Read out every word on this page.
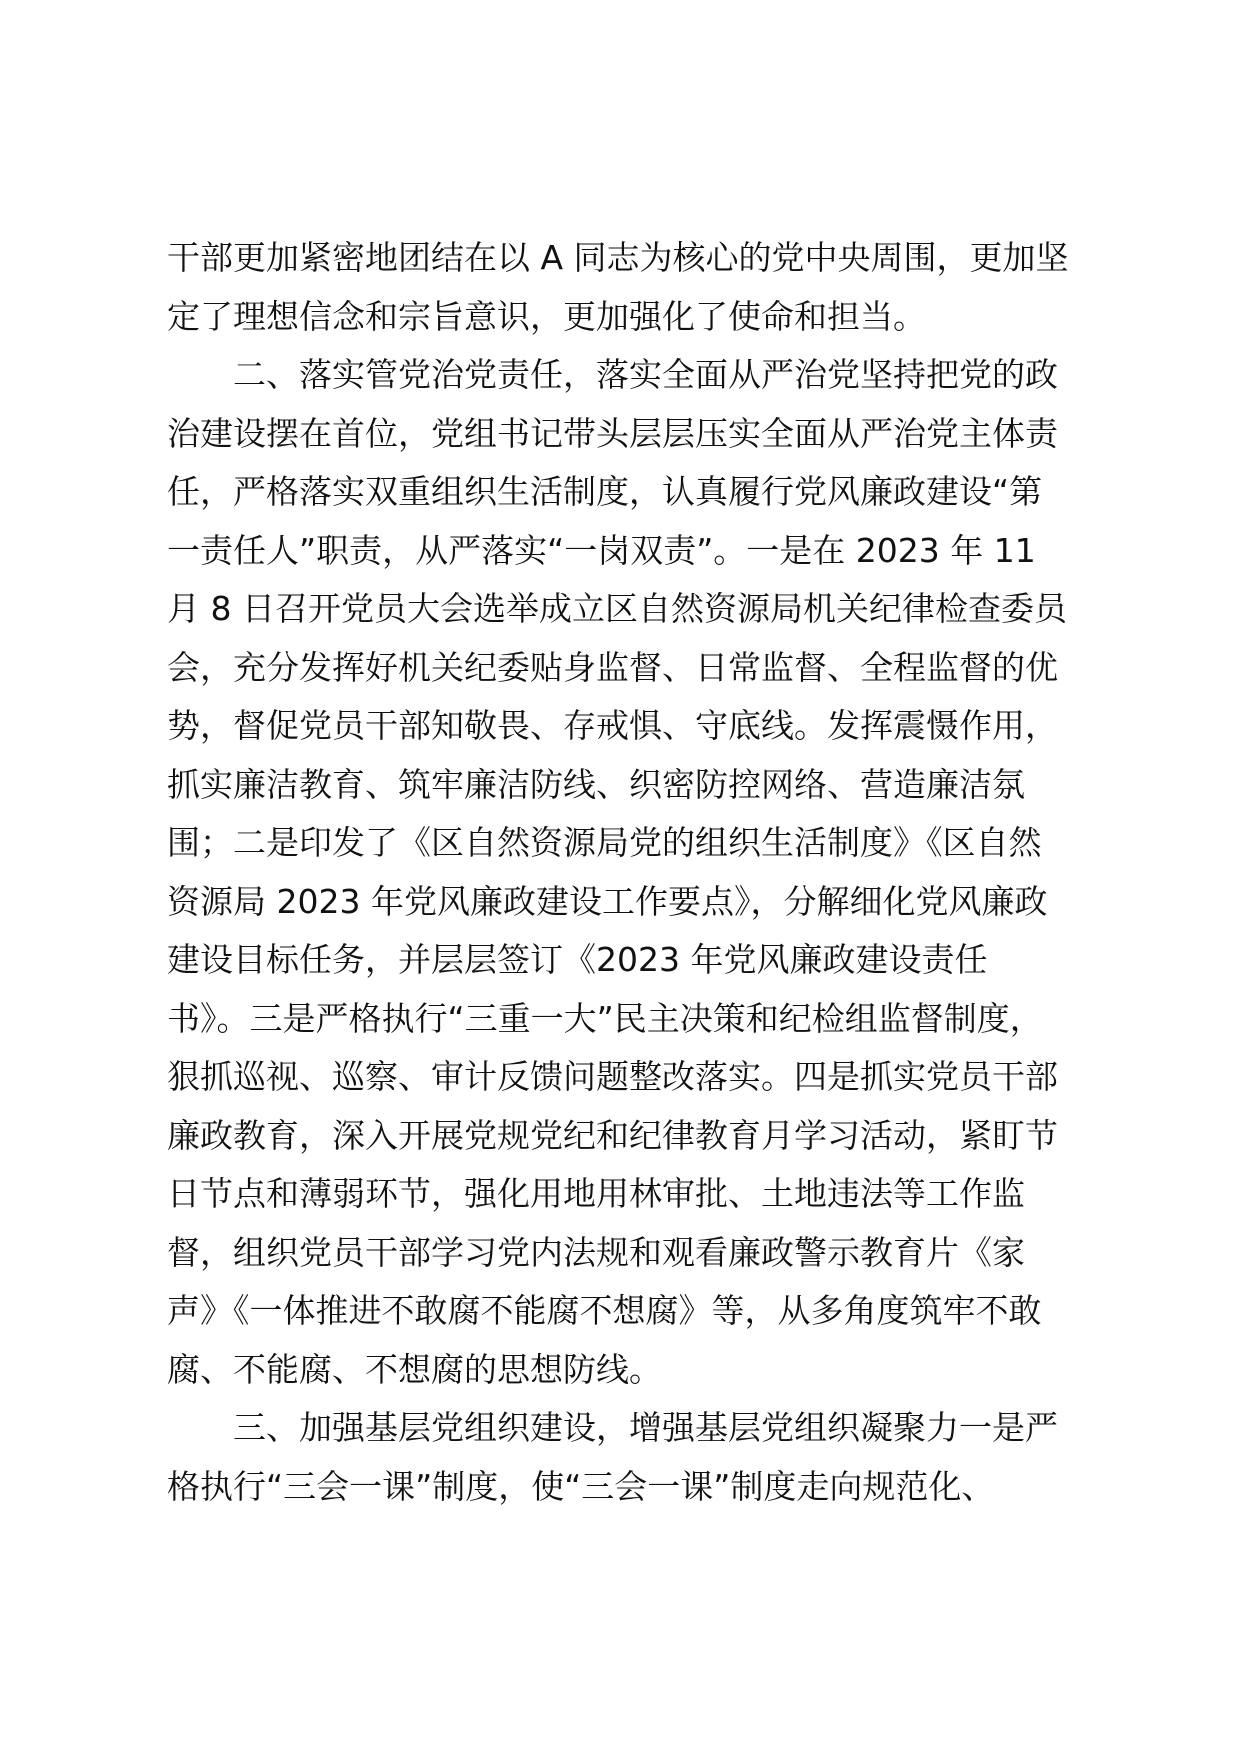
干部更加紧密地团结在以 A 同志为核心的党中央周围，更加坚
定了理想信念和宗旨意识，更加强化了使命和担当。
　　二、落实管党治党责任，落实全面从严治党坚持把党的政
治建设摆在首位，党组书记带头层层压实全面从严治党主体责
任，严格落实双重组织生活制度，认真履行党风廉政建设“第
一责任人”职责，从严落实“一岗双责”。一是在 2023 年 11
月 8 日召开党员大会选举成立区自然资源局机关纪律检查委员
会，充分发挥好机关纪委贴身监督、日常监督、全程监督的优
势，督促党员干部知敬畏、存戒惧、守底线。发挥震慑作用，
抓实廉洁教育、筑牢廉洁防线、织密防控网络、营造廉洁氛
围；二是印发了《区自然资源局党的组织生活制度》《区自然
资源局 2023 年党风廉政建设工作要点》，分解细化党风廉政
建设目标任务，并层层签订《2023 年党风廉政建设责任
书》。三是严格执行“三重一大”民主决策和纪检组监督制度，
狠抓巡视、巡察、审计反馈问题整改落实。四是抓实党员干部
廉政教育，深入开展党规党纪和纪律教育月学习活动，紧盯节
日节点和薄弱环节，强化用地用林审批、土地违法等工作监
督，组织党员干部学习党内法规和观看廉政警示教育片《家
声》《一体推进不敢腐不能腐不想腐》等，从多角度筑牢不敢
腐、不能腐、不想腐的思想防线。
　　三、加强基层党组织建设，增强基层党组织凝聚力一是严
格执行“三会一课”制度，使“三会一课”制度走向规范化、
